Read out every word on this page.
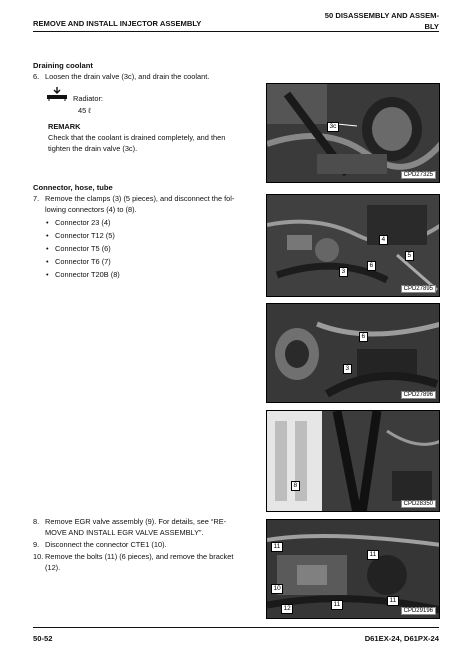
REMOVE AND INSTALL INJECTOR ASSEMBLY
50 DISASSEMBLY AND ASSEM-
BLY
Draining coolant
6. Loosen the drain valve (3c), and drain the coolant.
Radiator:
45 ℓ
REMARK
Check that the coolant is drained completely, and then
tighten the drain valve (3c).
Connector, hose, tube
7. Remove the clamps (3) (5 pieces), and disconnect the fol-
lowing connectors (4) to (8).
• Connector 23 (4)
• Connector T12 (5)
• Connector T5 (6)
• Connector T6 (7)
• Connector T20B (8)
8. Remove EGR valve assembly (9). For details, see “RE-
MOVE AND INSTALL EGR VALVE ASSEMBLY”.
9. Disconnect the connector CTE1 (10).
10. Remove the bolts (11) (6 pieces), and remove the bracket
(12).
3c
CPD27325
4
5
6
3
CPD27895
6
3
CPD27896
8
CPD28350
11
11
10
12
11
11
CPD29196
50-52	D61EX-24, D61PX-24
